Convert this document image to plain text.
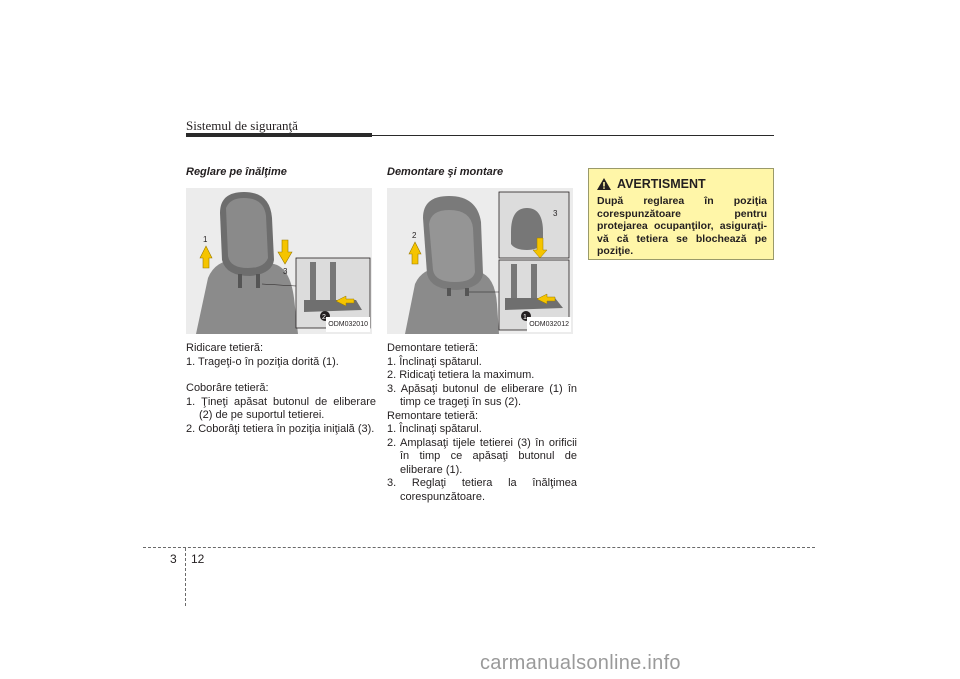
Sistemul de siguranţă
Reglare pe înălţime
1
3
2
ODM032010

Ridicare tetieră:

1. Trageţi-o în poziţia dorită (1).

Coborâre tetieră:

1. Ţineţi apăsat butonul de eliberare (2) de pe suportul tetierei.

2. Coborâţi tetiera în poziţia iniţială (3).

Demontare şi montare
2
3
1
ODM032012

Demontare tetieră:

1. Înclinaţi spătarul.

2. Ridicaţi tetiera la maximum.

3. Apăsaţi butonul de eliberare (1) în timp ce trageţi în sus (2).

Remontare tetieră:

1. Înclinaţi spătarul.

2. Amplasaţi tijele tetierei (3) în orificii în timp ce apăsaţi butonul de eliberare (1).

3. Reglaţi tetiera la înălţimea corespunzătoare.

AVERTISMENT
După reglarea în poziţia corespunzătoare pentru protejarea ocupanţilor, asiguraţi-vă că tetiera se blochează pe poziţie.
3 12
carmanualsonline.info
